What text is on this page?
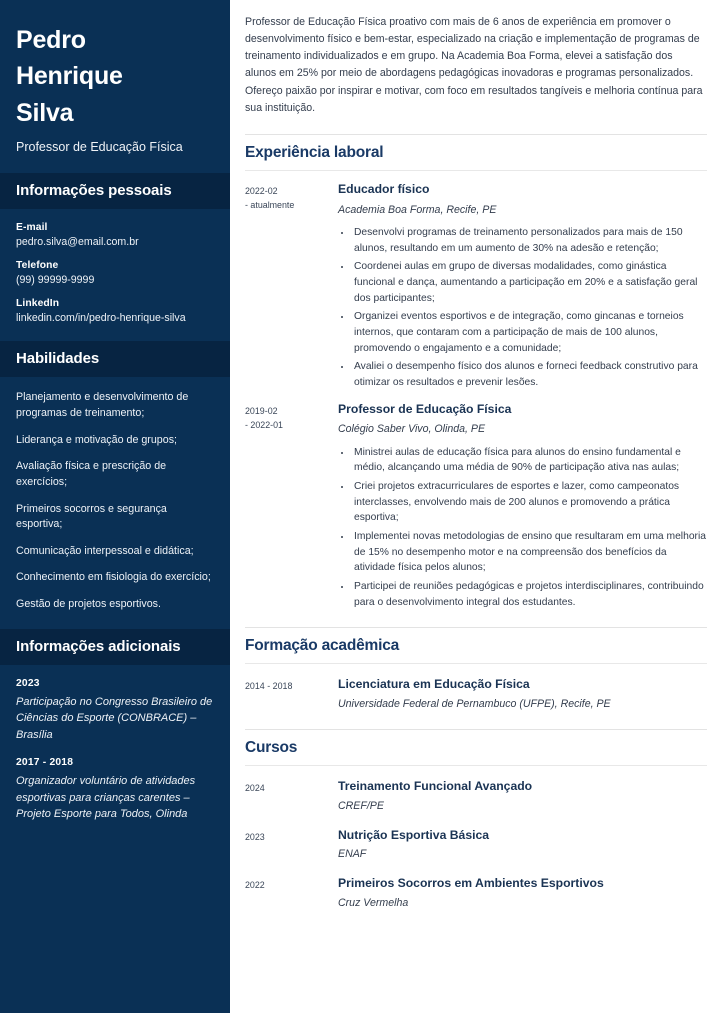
Pedro
Henrique
Silva
Professor de Educação Física
Informações pessoais
E-mail
pedro.silva@email.com.br
Telefone
(99) 99999-9999
LinkedIn
linkedin.com/in/pedro-henrique-silva
Habilidades
Planejamento e desenvolvimento de programas de treinamento;
Liderança e motivação de grupos;
Avaliação física e prescrição de exercícios;
Primeiros socorros e segurança esportiva;
Comunicação interpessoal e didática;
Conhecimento em fisiologia do exercício;
Gestão de projetos esportivos.
Informações adicionais
2023
Participação no Congresso Brasileiro de Ciências do Esporte (CONBRACE) – Brasília
2017 - 2018
Organizador voluntário de atividades esportivas para crianças carentes – Projeto Esporte para Todos, Olinda

Professor de Educação Física proativo com mais de 6 anos de experiência em promover o desenvolvimento físico e bem-estar, especializado na criação e implementação de programas de treinamento individualizados e em grupo. Na Academia Boa Forma, elevei a satisfação dos alunos em 25% por meio de abordagens pedagógicas inovadoras e programas personalizados. Ofereço paixão por inspirar e motivar, com foco em resultados tangíveis e melhoria contínua para sua instituição.

Experiência laboral
2022-02
- atualmente
Educador físico
Academia Boa Forma, Recife, PE
• Desenvolvi programas de treinamento personalizados para mais de 150 alunos, resultando em um aumento de 30% na adesão e retenção;
• Coordenei aulas em grupo de diversas modalidades, como ginástica funcional e dança, aumentando a participação em 20% e a satisfação geral dos participantes;
• Organizei eventos esportivos e de integração, como gincanas e torneios internos, que contaram com a participação de mais de 100 alunos, promovendo o engajamento e a comunidade;
• Avaliei o desempenho físico dos alunos e forneci feedback construtivo para otimizar os resultados e prevenir lesões.
2019-02
- 2022-01
Professor de Educação Física
Colégio Saber Vivo, Olinda, PE
• Ministrei aulas de educação física para alunos do ensino fundamental e médio, alcançando uma média de 90% de participação ativa nas aulas;
• Criei projetos extracurriculares de esportes e lazer, como campeonatos interclasses, envolvendo mais de 200 alunos e promovendo a prática esportiva;
• Implementei novas metodologias de ensino que resultaram em uma melhoria de 15% no desempenho motor e na compreensão dos benefícios da atividade física pelos alunos;
• Participei de reuniões pedagógicas e projetos interdisciplinares, contribuindo para o desenvolvimento integral dos estudantes.
Formação acadêmica
2014 - 2018	Licenciatura em Educação Física
Universidade Federal de Pernambuco (UFPE), Recife, PE
Cursos
2024	Treinamento Funcional Avançado
CREF/PE
2023	Nutrição Esportiva Básica
ENAF
2022	Primeiros Socorros em Ambientes Esportivos
Cruz Vermelha
